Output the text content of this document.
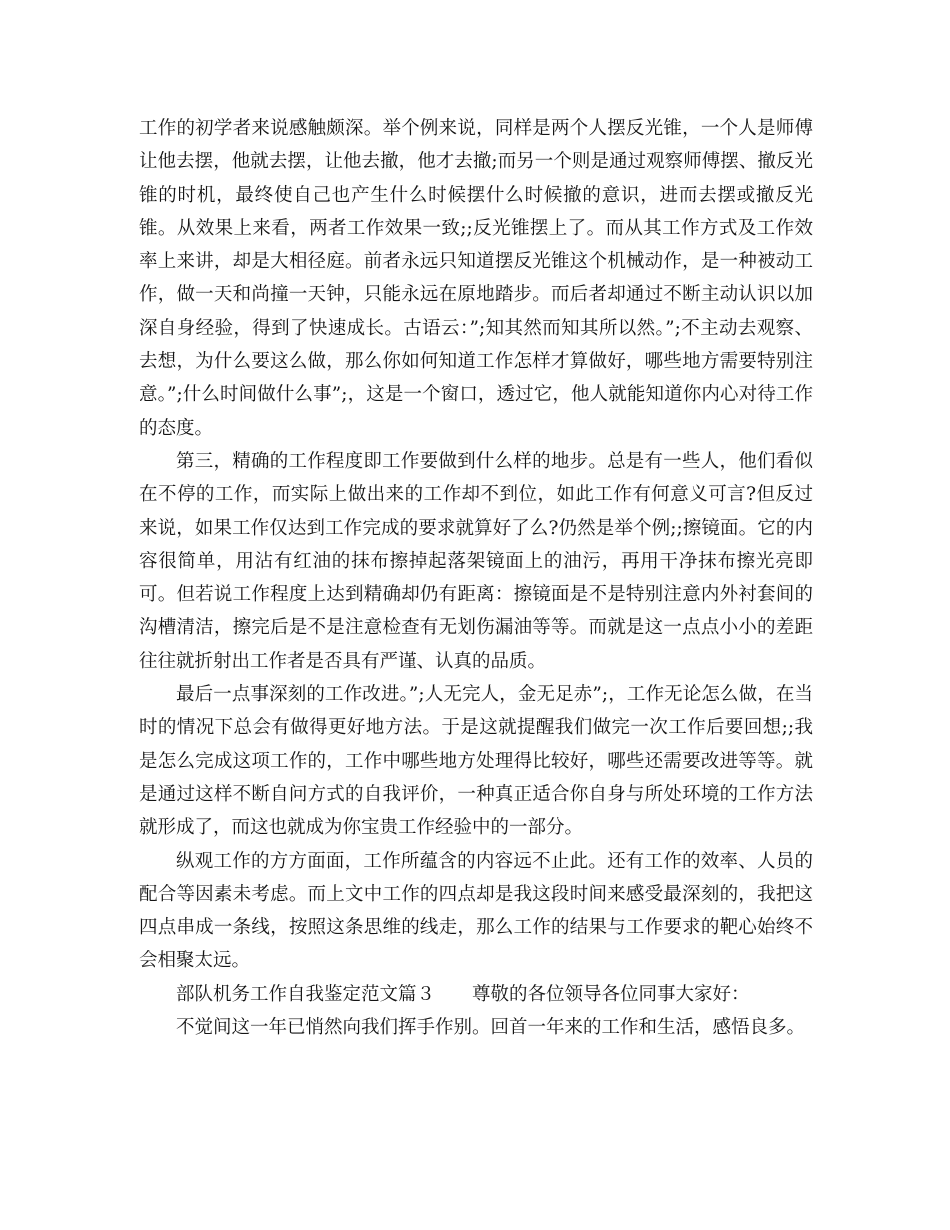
工作的初学者来说感触颇深。举个例来说，同样是两个人摆反光锥，一个人是师傅让他去摆，他就去摆，让他去撤，他才去撤;而另一个则是通过观察师傅摆、撤反光锥的时机，最终使自己也产生什么时候摆什么时候撤的意识，进而去摆或撤反光锥。从效果上来看，两者工作效果一致;;反光锥摆上了。而从其工作方式及工作效率上来讲，却是大相径庭。前者永远只知道摆反光锥这个机械动作，是一种被动工作，做一天和尚撞一天钟，只能永远在原地踏步。而后者却通过不断主动认识以加深自身经验，得到了快速成长。古语云：”;知其然而知其所以然。”;不主动去观察、去想，为什么要这么做，那么你如何知道工作怎样才算做好，哪些地方需要特别注意。”;什么时间做什么事”;，这是一个窗口，透过它，他人就能知道你内心对待工作的态度。

第三，精确的工作程度即工作要做到什么样的地步。总是有一些人，他们看似在不停的工作，而实际上做出来的工作却不到位，如此工作有何意义可言?但反过来说，如果工作仅达到工作完成的要求就算好了么?仍然是举个例;;擦镜面。它的内容很简单，用沾有红油的抹布擦掉起落架镜面上的油污，再用干净抹布擦光亮即可。但若说工作程度上达到精确却仍有距离：擦镜面是不是特别注意内外衬套间的沟槽清洁，擦完后是不是注意检查有无划伤漏油等等。而就是这一点点小小的差距往往就折射出工作者是否具有严谨、认真的品质。

最后一点事深刻的工作改进。”;人无完人，金无足赤”;，工作无论怎么做，在当时的情况下总会有做得更好地方法。于是这就提醒我们做完一次工作后要回想;;我是怎么完成这项工作的，工作中哪些地方处理得比较好，哪些还需要改进等等。就是通过这样不断自问方式的自我评价，一种真正适合你自身与所处环境的工作方法就形成了，而这也就成为你宝贵工作经验中的一部分。

纵观工作的方方面面，工作所蕴含的内容远不止此。还有工作的效率、人员的配合等因素未考虑。而上文中工作的四点却是我这段时间来感受最深刻的，我把这四点串成一条线，按照这条思维的线走，那么工作的结果与工作要求的靶心始终不会相聚太远。

部队机务工作自我鉴定范文篇３ 尊敬的各位领导各位同事大家好：

不觉间这一年已悄然向我们挥手作别。回首一年来的工作和生活，感悟良多。
